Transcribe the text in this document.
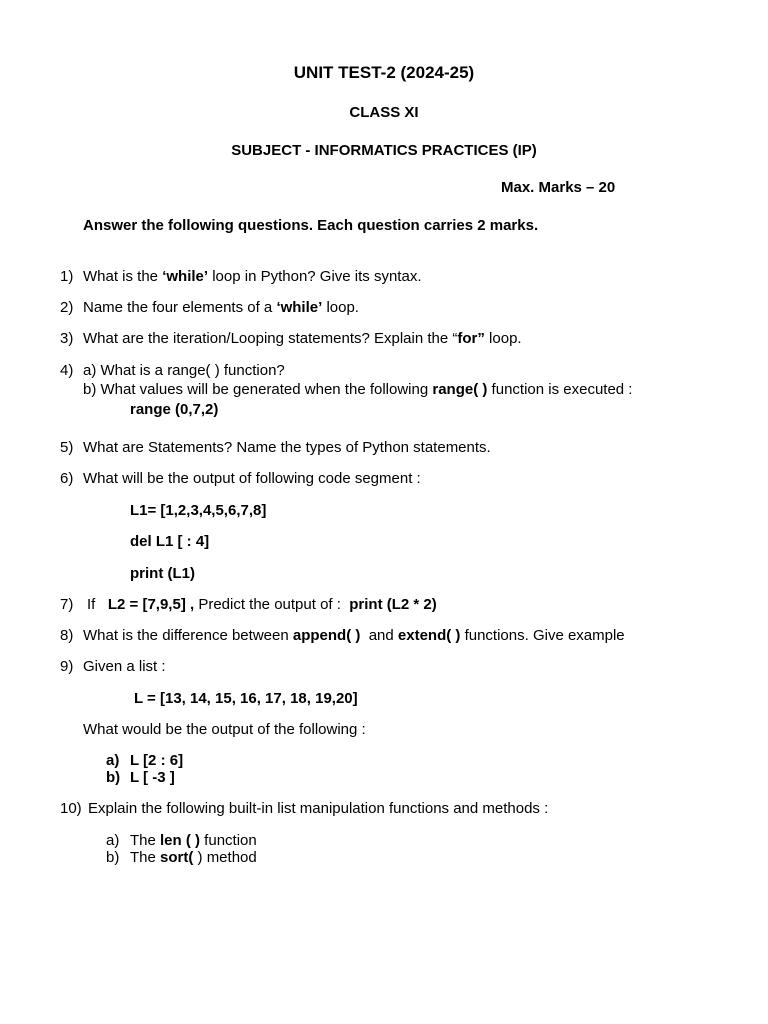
UNIT TEST-2 (2024-25)
CLASS XI
SUBJECT - INFORMATICS PRACTICES (IP)
Max. Marks – 20
Answer the following questions. Each question carries 2 marks.
1) What is the ‘while’ loop in Python? Give its syntax.
2) Name the four elements of a ‘while’ loop.
3) What are the iteration/Looping statements? Explain the “for” loop.
4) a) What is a range( ) function?
b) What values will be generated when the following range( ) function is executed :
range (0,7,2)
5) What are Statements? Name the types of Python statements.
6) What will be the output of following code segment :
L1= [1,2,3,4,5,6,7,8]
del L1 [ : 4]
print (L1)
7) If L2 = [7,9,5] , Predict the output of : print (L2 * 2)
8) What is the difference between append( )  and extend( ) functions. Give example
9) Given a list :
L = [13, 14, 15, 16, 17, 18, 19,20]
What would be the output of the following :
a) L [2 : 6]
b) L [ -3 ]
10) Explain the following built-in list manipulation functions and methods :
a) The len ( ) function
b) The sort( ) method
